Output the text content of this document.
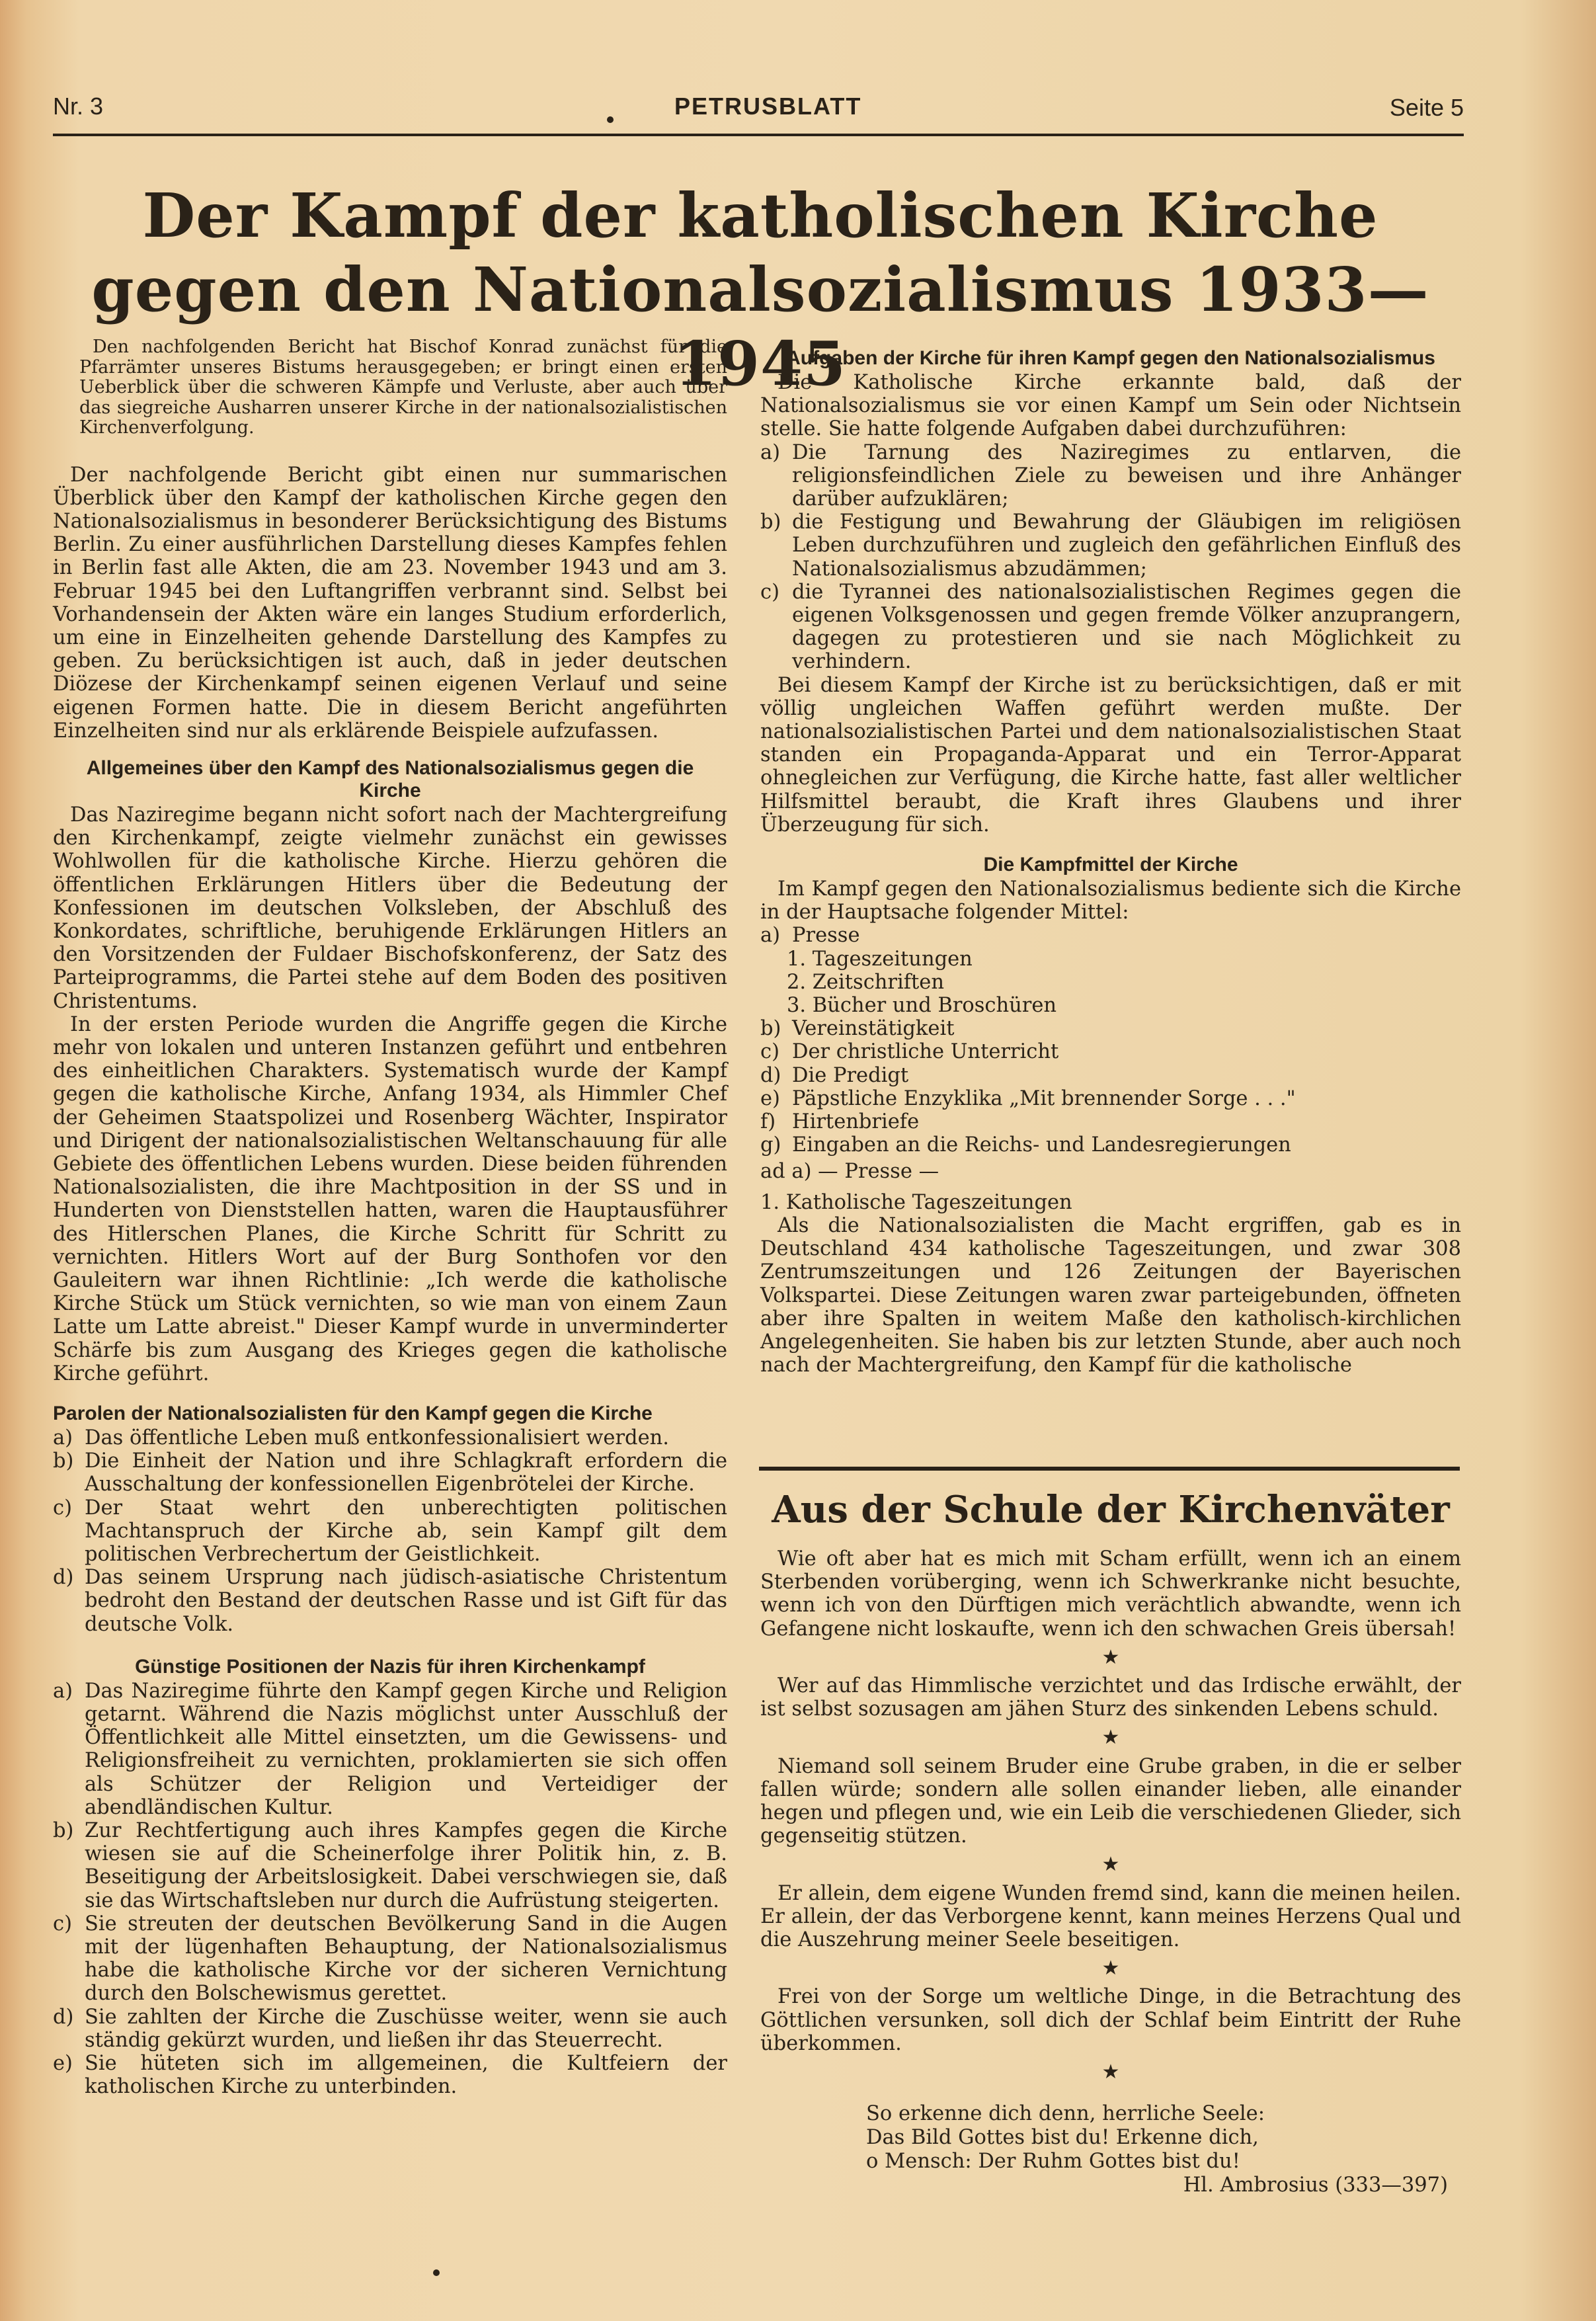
Nr. 3	PETRUSBLATT	Seite 5
Der Kampf der katholischen Kirche
gegen den Nationalsozialismus 1933—1945

Den nachfolgenden Bericht hat Bischof Konrad zunächst für die Pfarrämter unseres Bistums herausgegeben; er bringt einen ersten Ueberblick über die schweren Kämpfe und Verluste, aber auch über das siegreiche Ausharren unserer Kirche in der nationalsozialistischen Kirchenverfolgung.

Der nachfolgende Bericht gibt einen nur summarischen Überblick über den Kampf der katholischen Kirche gegen den Nationalsozialismus in besonderer Berücksichtigung des Bistums Berlin. Zu einer ausführlichen Darstellung dieses Kampfes fehlen in Berlin fast alle Akten, die am 23. November 1943 und am 3. Februar 1945 bei den Luftangriffen verbrannt sind. Selbst bei Vorhandensein der Akten wäre ein langes Studium erforderlich, um eine in Einzelheiten gehende Darstellung des Kampfes zu geben. Zu berücksichtigen ist auch, daß in jeder deutschen Diözese der Kirchenkampf seinen eigenen Verlauf und seine eigenen Formen hatte. Die in diesem Bericht angeführten Einzelheiten sind nur als erklärende Beispiele aufzufassen.

Allgemeines über den Kampf des Nationalsozialismus gegen die Kirche

Das Naziregime begann nicht sofort nach der Machtergreifung den Kirchenkampf, zeigte vielmehr zunächst ein gewisses Wohlwollen für die katholische Kirche. Hierzu gehören die öffentlichen Erklärungen Hitlers über die Bedeutung der Konfessionen im deutschen Volksleben, der Abschluß des Konkordates, schriftliche, beruhigende Erklärungen Hitlers an den Vorsitzenden der Fuldaer Bischofskonferenz, der Satz des Parteiprogramms, die Partei stehe auf dem Boden des positiven Christentums.

In der ersten Periode wurden die Angriffe gegen die Kirche mehr von lokalen und unteren Instanzen geführt und entbehren des einheitlichen Charakters. Systematisch wurde der Kampf gegen die katholische Kirche, Anfang 1934, als Himmler Chef der Geheimen Staatspolizei und Rosenberg Wächter, Inspirator und Dirigent der nationalsozialistischen Weltanschauung für alle Gebiete des öffentlichen Lebens wurden. Diese beiden führenden Nationalsozialisten, die ihre Machtposition in der SS und in Hunderten von Dienststellen hatten, waren die Hauptausführer des Hitlerschen Planes, die Kirche Schritt für Schritt zu vernichten. Hitlers Wort auf der Burg Sonthofen vor den Gauleitern war ihnen Richtlinie: „Ich werde die katholische Kirche Stück um Stück vernichten, so wie man von einem Zaun Latte um Latte abreist." Dieser Kampf wurde in unverminderter Schärfe bis zum Ausgang des Krieges gegen die katholische Kirche geführt.

Parolen der Nationalsozialisten für den Kampf gegen die Kirche
a) Das öffentliche Leben muß entkonfessionalisiert werden.
b) Die Einheit der Nation und ihre Schlagkraft erfordern die Ausschaltung der konfessionellen Eigenbrötelei der Kirche.
c) Der Staat wehrt den unberechtigten politischen Machtanspruch der Kirche ab, sein Kampf gilt dem politischen Verbrechertum der Geistlichkeit.
d) Das seinem Ursprung nach jüdisch-asiatische Christentum bedroht den Bestand der deutschen Rasse und ist Gift für das deutsche Volk.
Günstige Positionen der Nazis für ihren Kirchenkampf
a) Das Naziregime führte den Kampf gegen Kirche und Religion getarnt. Während die Nazis möglichst unter Ausschluß der Öffentlichkeit alle Mittel einsetzten, um die Gewissens- und Religionsfreiheit zu vernichten, proklamierten sie sich offen als Schützer der Religion und Verteidiger der abendländischen Kultur.
b) Zur Rechtfertigung auch ihres Kampfes gegen die Kirche wiesen sie auf die Scheinerfolge ihrer Politik hin, z. B. Beseitigung der Arbeitslosigkeit. Dabei verschwiegen sie, daß sie das Wirtschaftsleben nur durch die Aufrüstung steigerten.
c) Sie streuten der deutschen Bevölkerung Sand in die Augen mit der lügenhaften Behauptung, der Nationalsozialismus habe die katholische Kirche vor der sicheren Vernichtung durch den Bolschewismus gerettet.
d) Sie zahlten der Kirche die Zuschüsse weiter, wenn sie auch ständig gekürzt wurden, und ließen ihr das Steuerrecht.
e) Sie hüteten sich im allgemeinen, die Kultfeiern der katholischen Kirche zu unterbinden.
Aufgaben der Kirche für ihren Kampf gegen den Nationalsozialismus

Die Katholische Kirche erkannte bald, daß der Nationalsozialismus sie vor einen Kampf um Sein oder Nichtsein stelle. Sie hatte folgende Aufgaben dabei durchzuführen:

a) Die Tarnung des Naziregimes zu entlarven, die religionsfeindlichen Ziele zu beweisen und ihre Anhänger darüber aufzuklären;
b) die Festigung und Bewahrung der Gläubigen im religiösen Leben durchzuführen und zugleich den gefährlichen Einfluß des Nationalsozialismus abzudämmen;
c) die Tyrannei des nationalsozialistischen Regimes gegen die eigenen Volksgenossen und gegen fremde Völker anzuprangern, dagegen zu protestieren und sie nach Möglichkeit zu verhindern.

Bei diesem Kampf der Kirche ist zu berücksichtigen, daß er mit völlig ungleichen Waffen geführt werden mußte. Der nationalsozialistischen Partei und dem nationalsozialistischen Staat standen ein Propaganda-Apparat und ein Terror-Apparat ohnegleichen zur Verfügung, die Kirche hatte, fast aller weltlicher Hilfsmittel beraubt, die Kraft ihres Glaubens und ihrer Überzeugung für sich.

Die Kampfmittel der Kirche

Im Kampf gegen den Nationalsozialismus bediente sich die Kirche in der Hauptsache folgender Mittel:

a) Presse
1. Tageszeitungen
2. Zeitschriften
3. Bücher und Broschüren
b) Vereinstätigkeit
c) Der christliche Unterricht
d) Die Predigt
e) Päpstliche Enzyklika „Mit brennender Sorge . . ."
f) Hirtenbriefe
g) Eingaben an die Reichs- und Landesregierungen
ad a) — Presse —
1. Katholische Tageszeitungen

Als die Nationalsozialisten die Macht ergriffen, gab es in Deutschland 434 katholische Tageszeitungen, und zwar 308 Zentrumszeitungen und 126 Zeitungen der Bayerischen Volkspartei. Diese Zeitungen waren zwar parteigebunden, öffneten aber ihre Spalten in weitem Maße den katholisch-kirchlichen Angelegenheiten. Sie haben bis zur letzten Stunde, aber auch noch nach der Machtergreifung, den Kampf für die katholische

Aus der Schule der Kirchenväter

Wie oft aber hat es mich mit Scham erfüllt, wenn ich an einem Sterbenden vorüberging, wenn ich Schwerkranke nicht besuchte, wenn ich von den Dürftigen mich verächtlich abwandte, wenn ich Gefangene nicht loskaufte, wenn ich den schwachen Greis übersah!

★

Wer auf das Himmlische verzichtet und das Irdische erwählt, der ist selbst sozusagen am jähen Sturz des sinkenden Lebens schuld.

★

Niemand soll seinem Bruder eine Grube graben, in die er selber fallen würde; sondern alle sollen einander lieben, alle einander hegen und pflegen und, wie ein Leib die verschiedenen Glieder, sich gegenseitig stützen.

★

Er allein, dem eigene Wunden fremd sind, kann die meinen heilen. Er allein, der das Verborgene kennt, kann meines Herzens Qual und die Auszehrung meiner Seele beseitigen.

★

Frei von der Sorge um weltliche Dinge, in die Betrachtung des Göttlichen versunken, soll dich der Schlaf beim Eintritt der Ruhe überkommen.

★
So erkenne dich denn, herrliche Seele:
Das Bild Gottes bist du! Erkenne dich,
o Mensch: Der Ruhm Gottes bist du!
Hl. Ambrosius (333—397)
